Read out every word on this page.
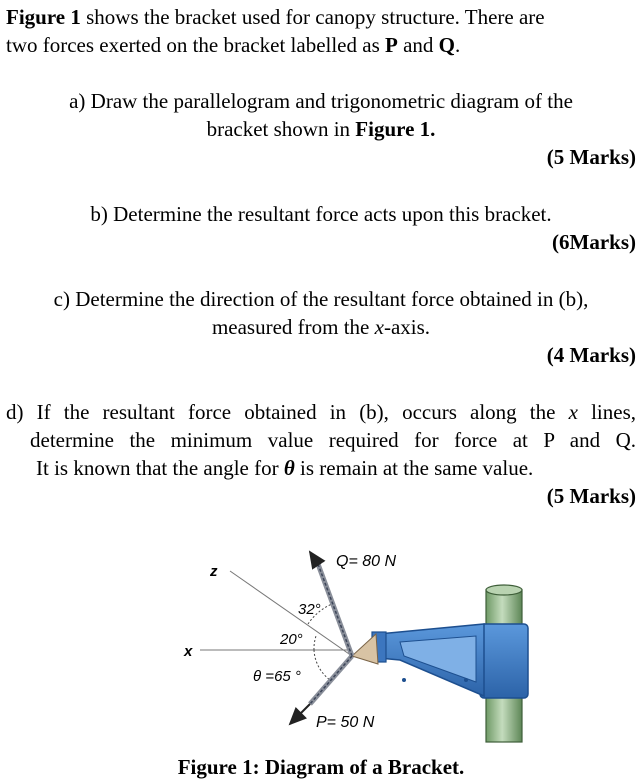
Figure 1 shows the bracket used for canopy structure. There are
two forces exerted on the bracket labelled as P and Q.
a) Draw the parallelogram and trigonometric diagram of the
bracket shown in Figure 1.
(5 Marks)
b) Determine the resultant force acts upon this bracket.
(6Marks)
c) Determine the direction of the resultant force obtained in (b),
measured from the x-axis.
(4 Marks)
d) If the resultant force obtained in (b), occurs along the x lines,
determine the minimum value required for force at P and Q.
It is known that the angle for θ is remain at the same value.
(5 Marks)
z
x
Q= 80 N
P= 50 N
32°
20°
θ =65 °
Figure 1: Diagram of a Bracket.
